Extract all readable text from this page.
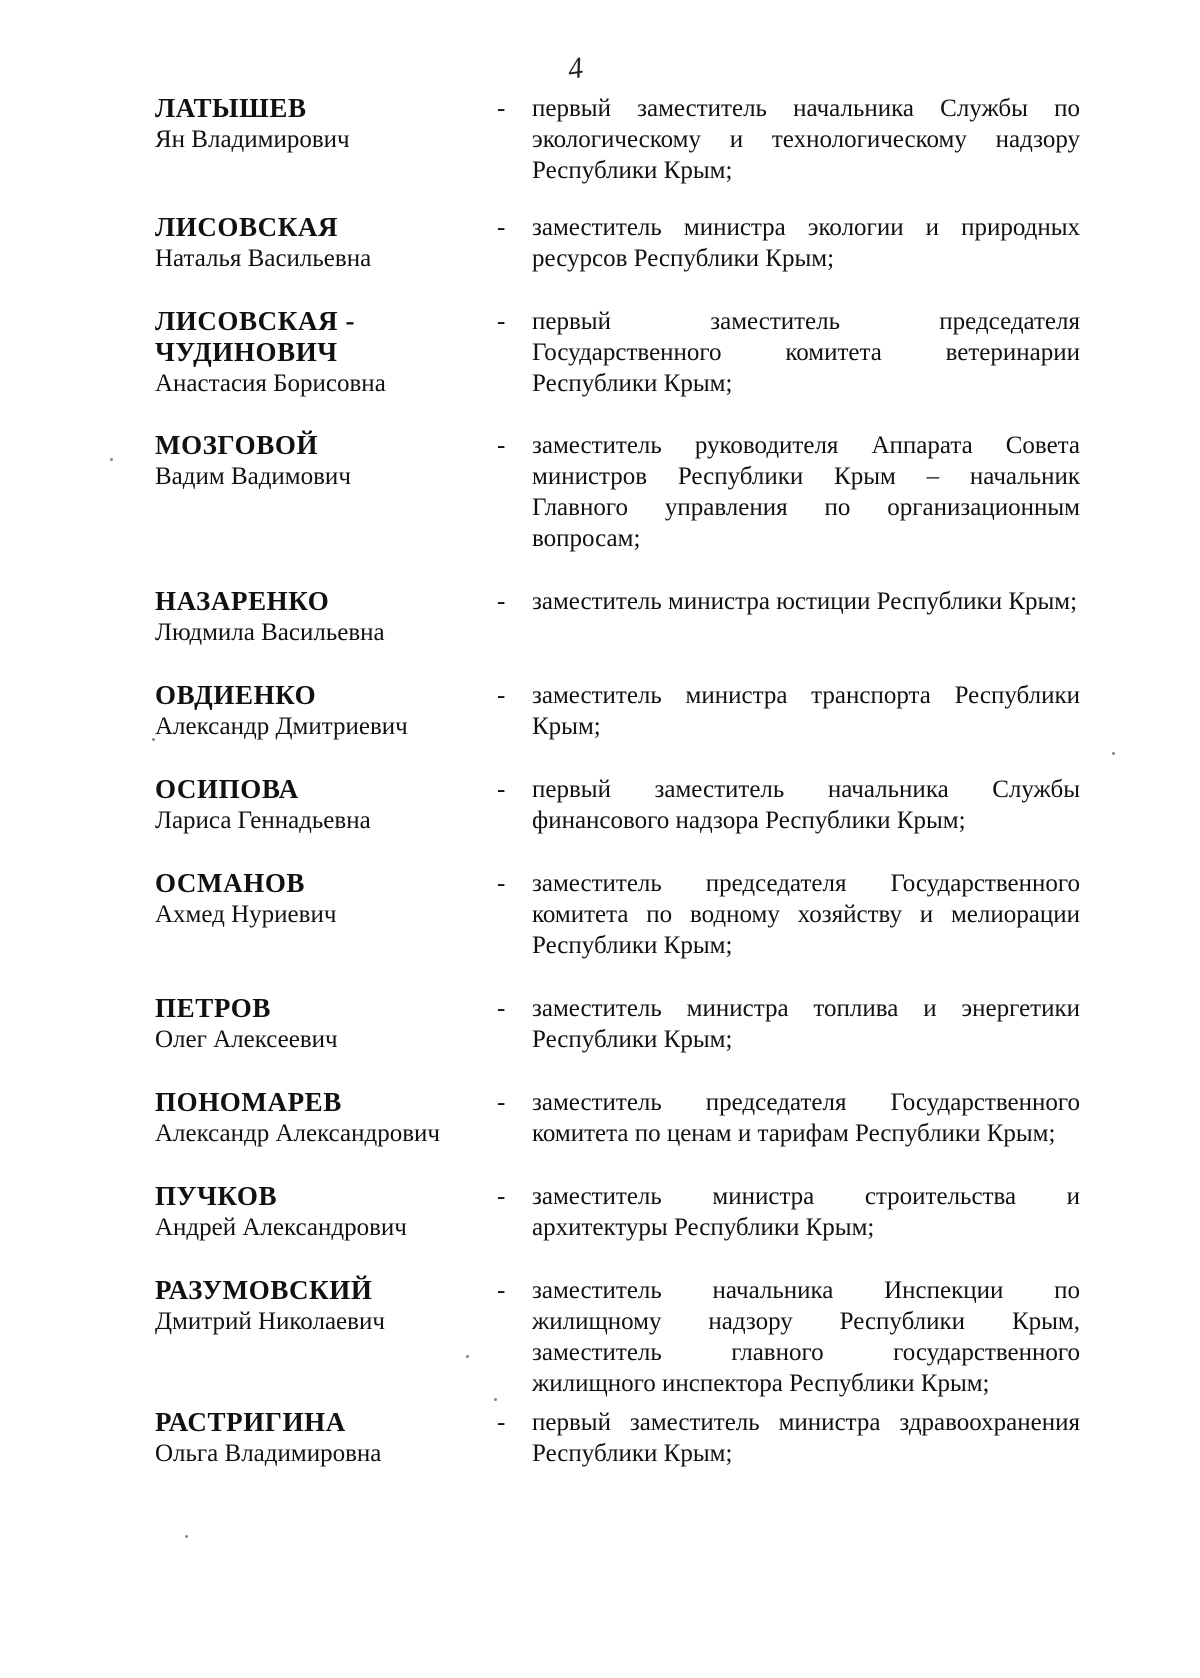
4

ЛАТЫШЕВ

Ян Владимирович

- первый заместитель начальника Службы по экологическому и технологическому надзору Республики Крым;

ЛИСОВСКАЯ

Наталья Васильевна

- заместитель министра экологии и природных ресурсов Республики Крым;

ЛИСОВСКАЯ -
ЧУДИНОВИЧ

Анастасия Борисовна

- первый заместитель председателя Государственного комитета ветеринарии Республики Крым;

МОЗГОВОЙ

Вадим Вадимович

- заместитель руководителя Аппарата Совета министров Республики Крым – начальник Главного управления по организационным вопросам;

НАЗАРЕНКО

Людмила Васильевна

- заместитель министра юстиции Республики Крым;

ОВДИЕНКО

Александр Дмитриевич

- заместитель министра транспорта Республики Крым;

ОСИПОВА

Лариса Геннадьевна

- первый заместитель начальника Службы финансового надзора Республики Крым;

ОСМАНОВ

Ахмед Нуриевич

- заместитель председателя Государственного комитета по водному хозяйству и мелиорации Республики Крым;

ПЕТРОВ

Олег Алексеевич

- заместитель министра топлива и энергетики Республики Крым;

ПОНОМАРЕВ

Александр Александрович

- заместитель председателя Государственного комитета по ценам и тарифам Республики Крым;

ПУЧКОВ

Андрей Александрович

- заместитель министра строительства и архитектуры Республики Крым;

РАЗУМОВСКИЙ

Дмитрий Николаевич

- заместитель начальника Инспекции по жилищному надзору Республики Крым, заместитель главного государственного жилищного инспектора Республики Крым;

РАСТРИГИНА

Ольга Владимировна

- первый заместитель министра здравоохранения Республики Крым;
